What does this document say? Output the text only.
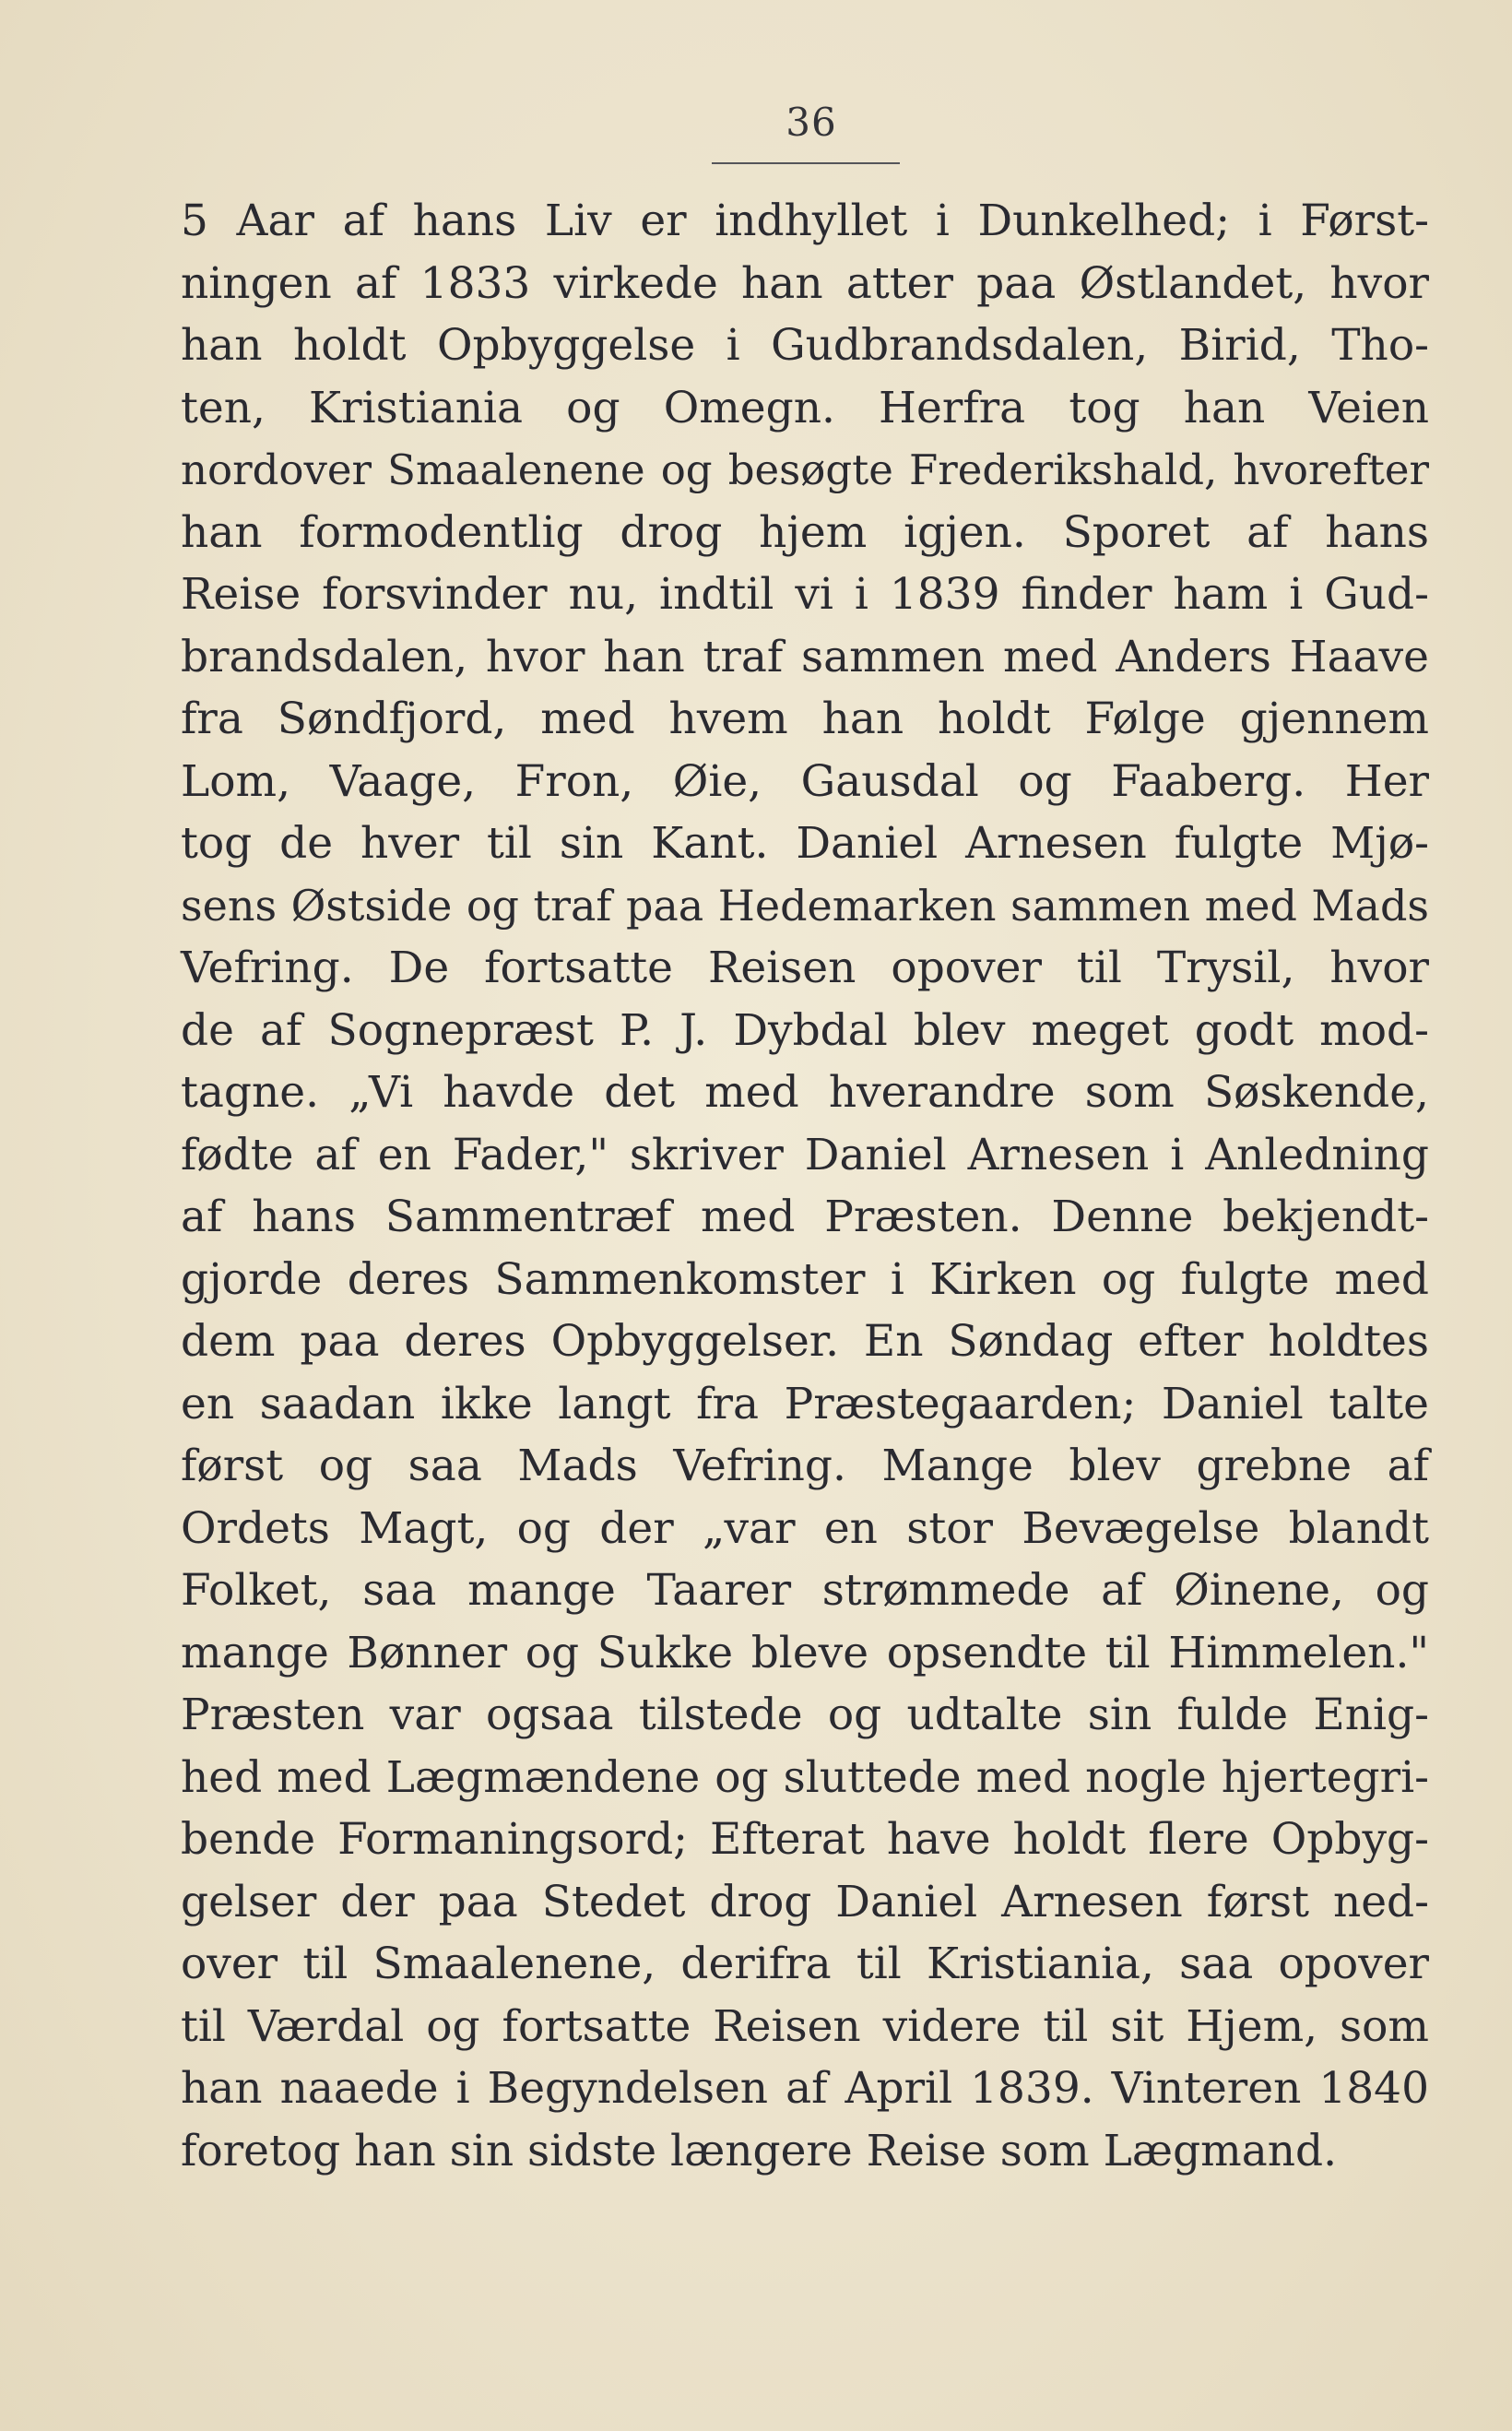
36
5 Aar af hans Liv er indhyllet i Dunkelhed; i Først-
ningen af 1833 virkede han atter paa Østlandet, hvor
han holdt Opbyggelse i Gudbrandsdalen, Birid, Tho-
ten, Kristiania og Omegn. Herfra tog han Veien
nordover Smaalenene og besøgte Frederikshald, hvorefter
han formodentlig drog hjem igjen. Sporet af hans
Reise forsvinder nu, indtil vi i 1839 finder ham i Gud-
brandsdalen, hvor han traf sammen med Anders Haave
fra Søndfjord, med hvem han holdt Følge gjennem
Lom, Vaage, Fron, Øie, Gausdal og Faaberg. Her
tog de hver til sin Kant. Daniel Arnesen fulgte Mjø-
sens Østside og traf paa Hedemarken sammen med Mads
Vefring. De fortsatte Reisen opover til Trysil, hvor
de af Sognepræst P. J. Dybdal blev meget godt mod-
tagne. „Vi havde det med hverandre som Søskende,
fødte af en Fader," skriver Daniel Arnesen i Anledning
af hans Sammentræf med Præsten. Denne bekjendt-
gjorde deres Sammenkomster i Kirken og fulgte med
dem paa deres Opbyggelser. En Søndag efter holdtes
en saadan ikke langt fra Præstegaarden; Daniel talte
først og saa Mads Vefring. Mange blev grebne af
Ordets Magt, og der „var en stor Bevægelse blandt
Folket, saa mange Taarer strømmede af Øinene, og
mange Bønner og Sukke bleve opsendte til Himmelen."
Præsten var ogsaa tilstede og udtalte sin fulde Enig-
hed med Lægmændene og sluttede med nogle hjertegri-
bende Formaningsord; Efterat have holdt flere Opbyg-
gelser der paa Stedet drog Daniel Arnesen først ned-
over til Smaalenene, derifra til Kristiania, saa opover
til Værdal og fortsatte Reisen videre til sit Hjem, som
han naaede i Begyndelsen af April 1839. Vinteren 1840
foretog han sin sidste længere Reise som Lægmand.
